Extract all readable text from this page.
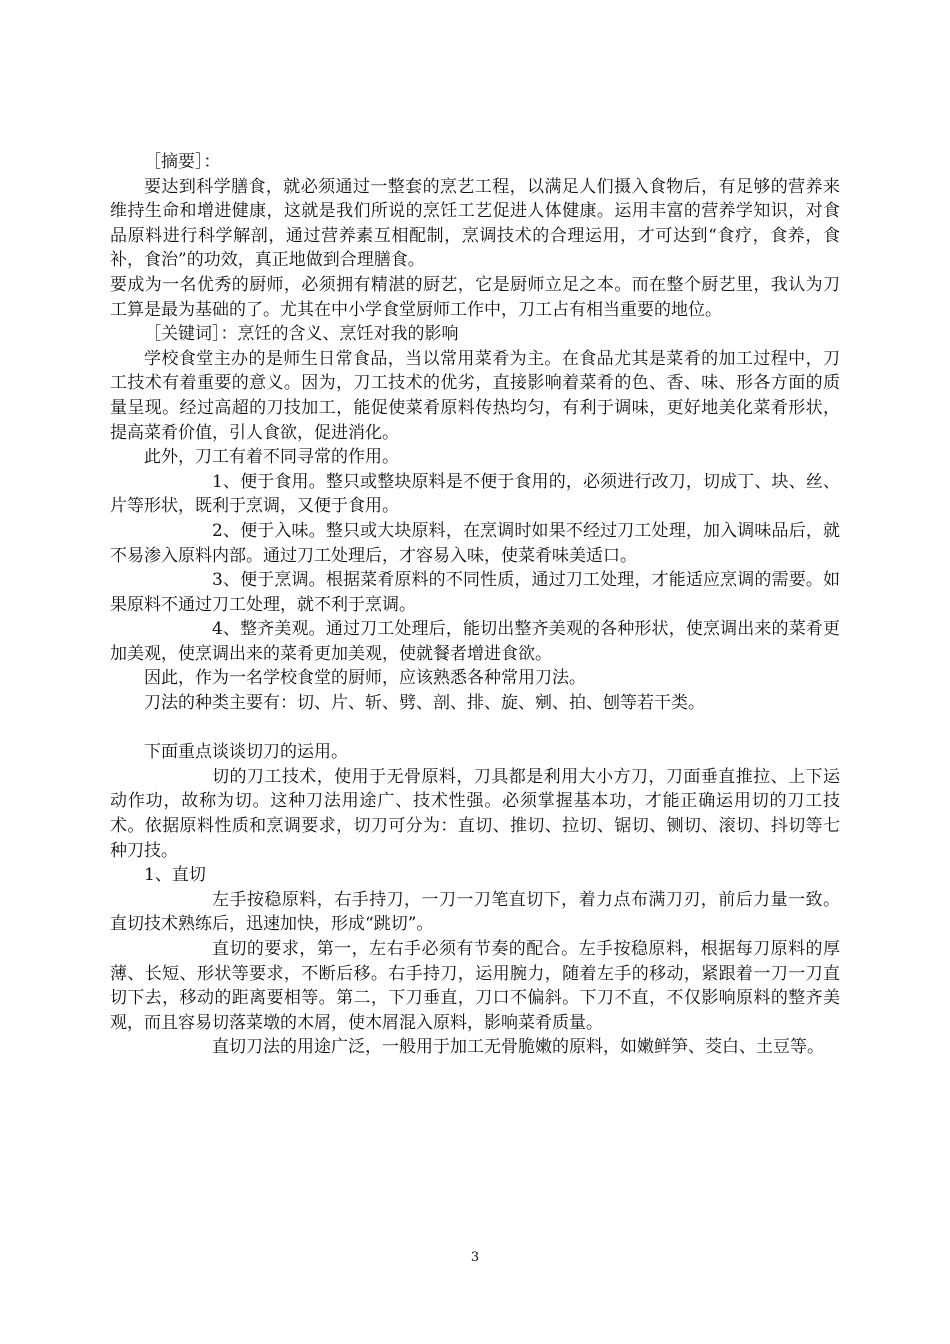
［摘要］：

要达到科学膳食，就必须通过一整套的烹艺工程，以满足人们摄入食物后，有足够的营养来维持生命和增进健康，这就是我们所说的烹饪工艺促进人体健康。运用丰富的营养学知识，对食品原料进行科学解剖，通过营养素互相配制，烹调技术的合理运用，才可达到“食疗，食养，食补，食治”的功效，真正地做到合理膳食。

要成为一名优秀的厨师，必须拥有精湛的厨艺，它是厨师立足之本。而在整个厨艺里，我认为刀工算是最为基础的了。尤其在中小学食堂厨师工作中，刀工占有相当重要的地位。

［关键词］：烹饪的含义、烹饪对我的影响

学校食堂主办的是师生日常食品，当以常用菜肴为主。在食品尤其是菜肴的加工过程中，刀工技术有着重要的意义。因为，刀工技术的优劣，直接影响着菜肴的色、香、味、形各方面的质量呈现。经过高超的刀技加工，能促使菜肴原料传热均匀，有利于调味，更好地美化菜肴形状，提高菜肴价值，引人食欲，促进消化。

此外，刀工有着不同寻常的作用。

1、便于食用。整只或整块原料是不便于食用的，必须进行改刀，切成丁、块、丝、片等形状，既利于烹调，又便于食用。

2、便于入味。整只或大块原料，在烹调时如果不经过刀工处理，加入调味品后，就不易渗入原料内部。通过刀工处理后，才容易入味，使菜肴味美适口。

3、便于烹调。根据菜肴原料的不同性质，通过刀工处理，才能适应烹调的需要。如果原料不通过刀工处理，就不利于烹调。

4、整齐美观。通过刀工处理后，能切出整齐美观的各种形状，使烹调出来的菜肴更加美观，使烹调出来的菜肴更加美观，使就餐者增进食欲。

因此，作为一名学校食堂的厨师，应该熟悉各种常用刀法。

刀法的种类主要有：切、片、斩、劈、剖、排、旋、剜、拍、刨等若干类。

下面重点谈谈切刀的运用。

切的刀工技术，使用于无骨原料，刀具都是利用大小方刀，刀面垂直推拉、上下运动作功，故称为切。这种刀法用途广、技术性强。必须掌握基本功，才能正确运用切的刀工技术。依据原料性质和烹调要求，切刀可分为：直切、推切、拉切、锯切、铡切、滚切、抖切等七种刀技。

1、直切

左手按稳原料，右手持刀，一刀一刀笔直切下，着力点布满刀刃，前后力量一致。直切技术熟练后，迅速加快，形成“跳切”。

直切的要求，第一，左右手必须有节奏的配合。左手按稳原料，根据每刀原料的厚薄、长短、形状等要求，不断后移。右手持刀，运用腕力，随着左手的移动，紧跟着一刀一刀直切下去，移动的距离要相等。第二，下刀垂直，刀口不偏斜。下刀不直，不仅影响原料的整齐美观，而且容易切落菜墩的木屑，使木屑混入原料，影响菜肴质量。

直切刀法的用途广泛，一般用于加工无骨脆嫩的原料，如嫩鲜笋、茭白、土豆等。

3
